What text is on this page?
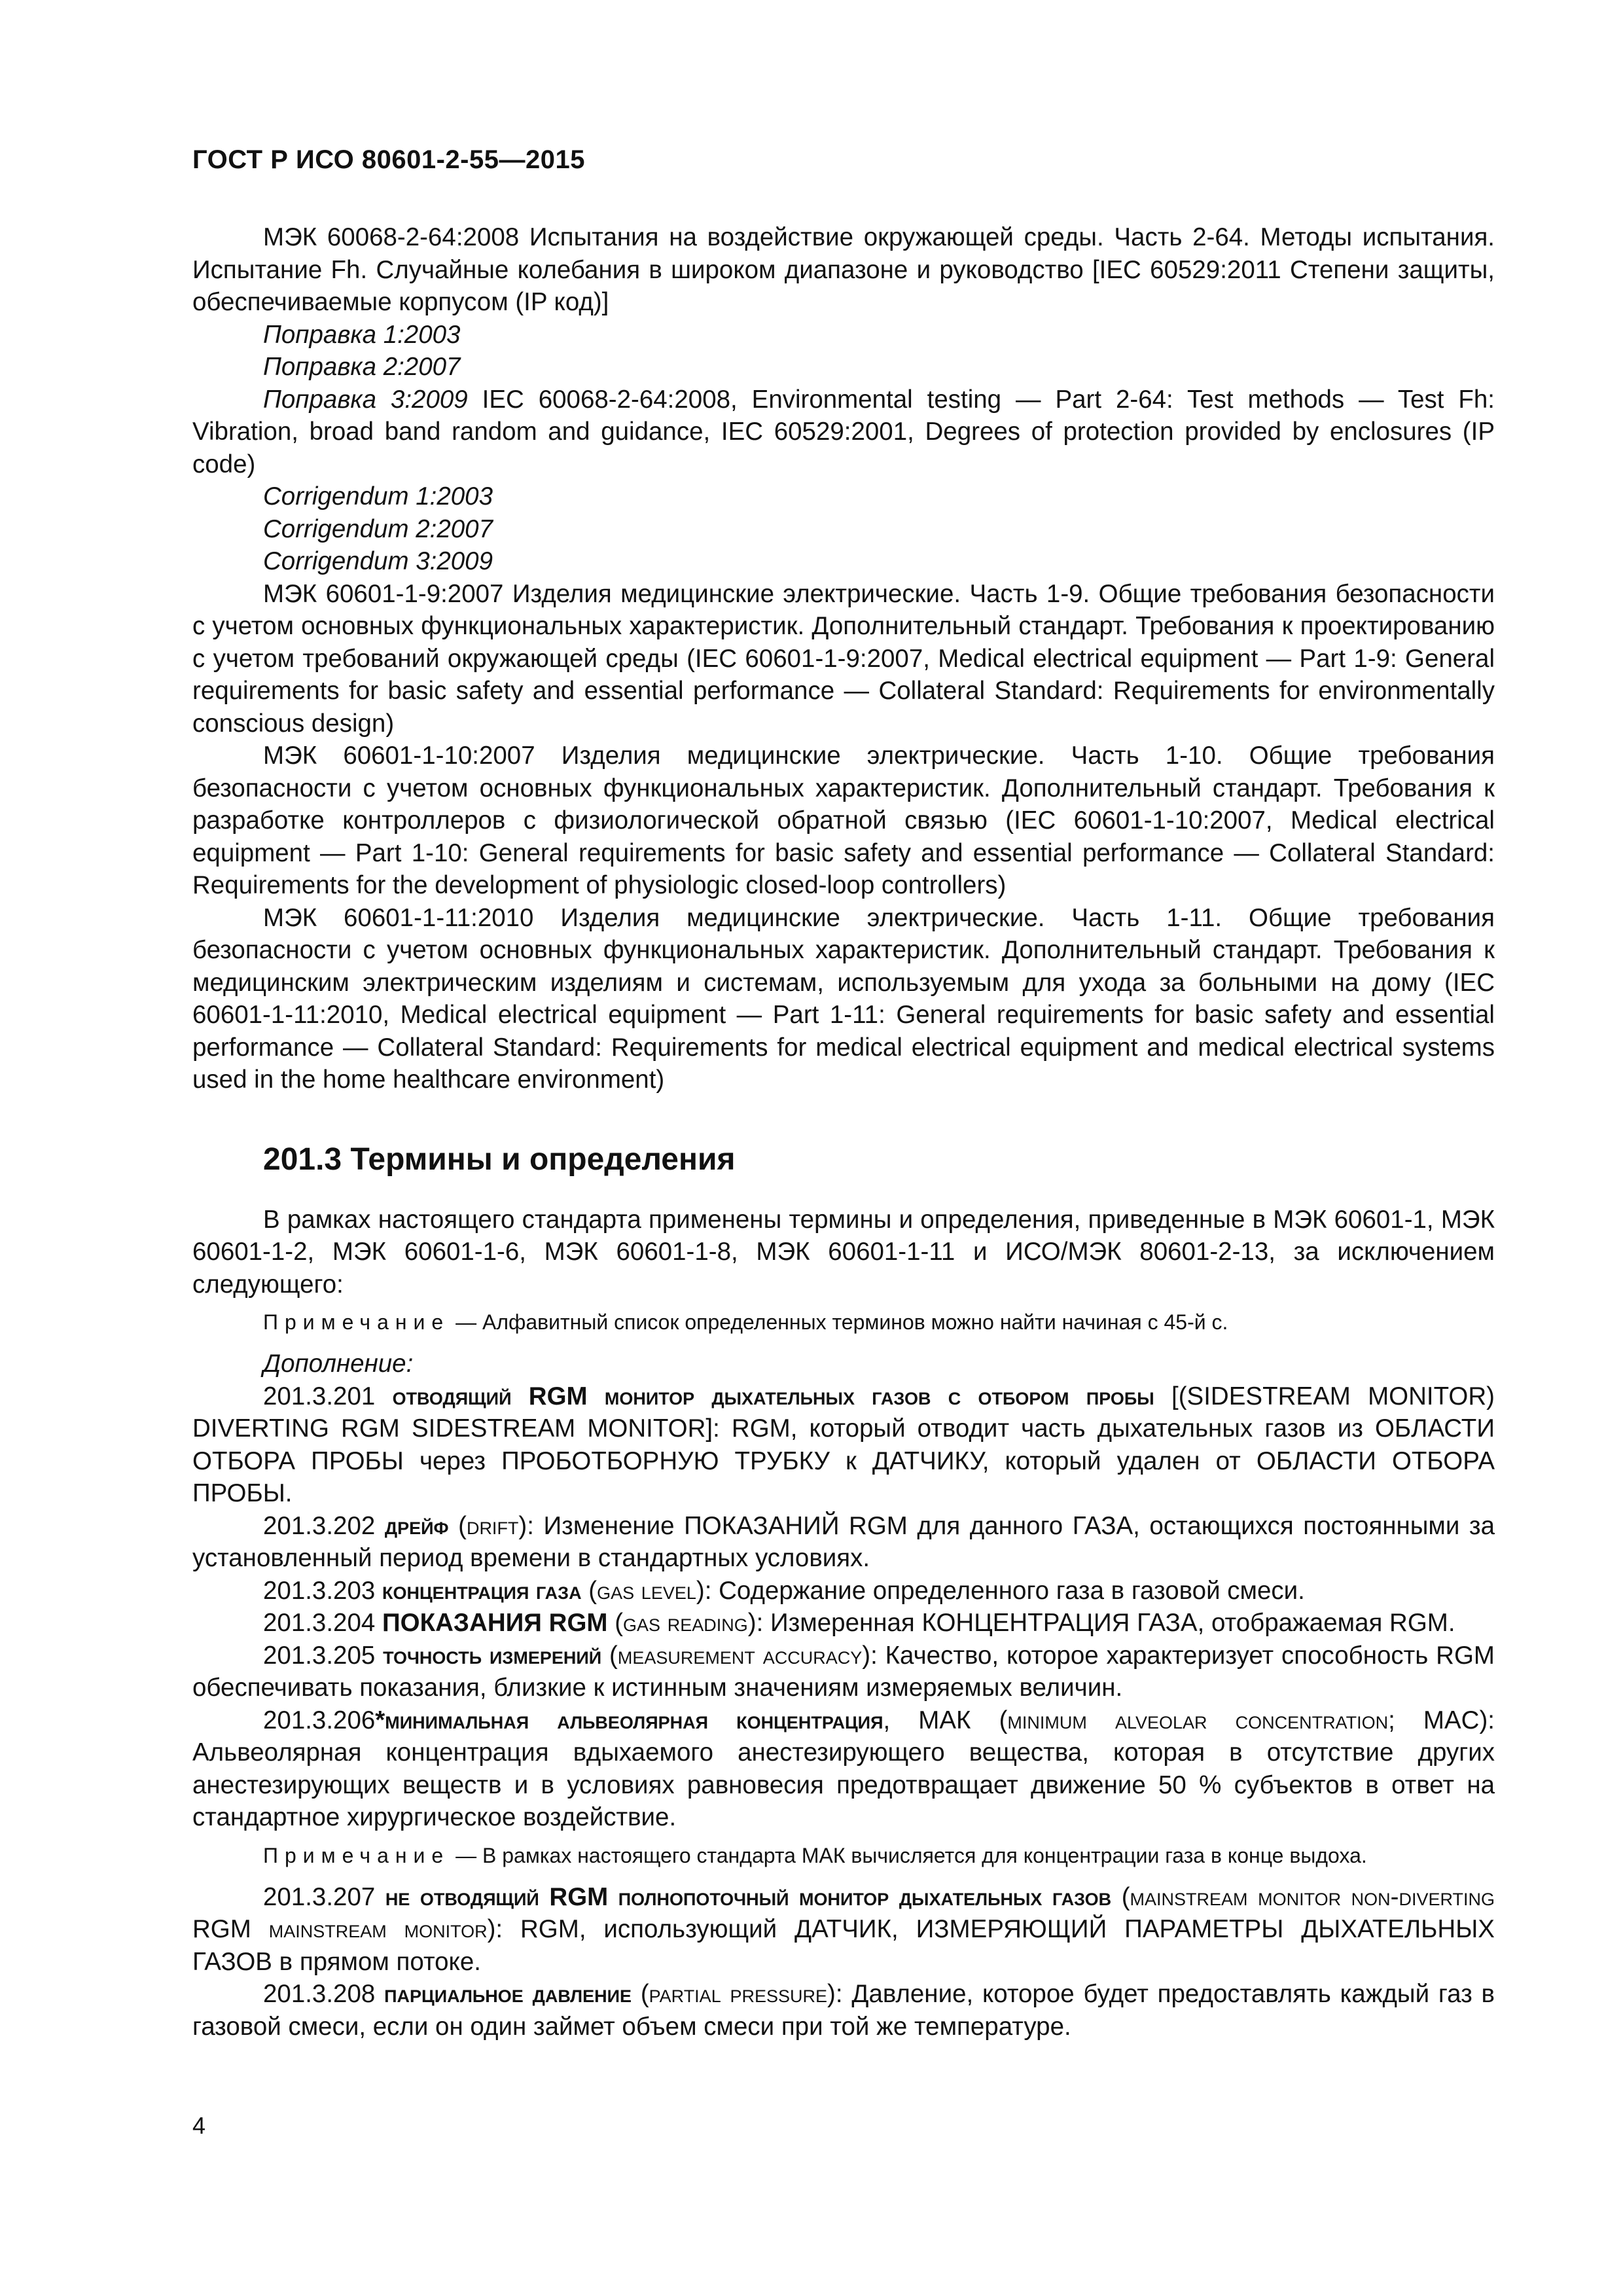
ГОСТ Р ИСО 80601-2-55—2015

МЭК 60068-2-64:2008 Испытания на воздействие окружающей среды. Часть 2-64. Методы испытания. Испытание Fh. Случайные колебания в широком диапазоне и руководство [IEC 60529:2011 Степени защиты, обеспечиваемые корпусом (IP код)]

Поправка 1:2003

Поправка 2:2007

Поправка 3:2009 IEC 60068-2-64:2008, Environmental testing — Part 2-64: Test methods — Test Fh: Vibration, broad band random and guidance, IEC 60529:2001, Degrees of protection provided by enclosures (IP code)

Corrigendum 1:2003

Corrigendum 2:2007

Corrigendum 3:2009

МЭК 60601-1-9:2007 Изделия медицинские электрические. Часть 1-9. Общие требования безопасности с учетом основных функциональных характеристик. Дополнительный стандарт. Требования к проектированию с учетом требований окружающей среды (IEC 60601-1-9:2007, Medical electrical equipment — Part 1-9: General requirements for basic safety and essential performance — Collateral Standard: Requirements for environmentally conscious design)

МЭК 60601-1-10:2007 Изделия медицинские электрические. Часть 1-10. Общие требования безопасности с учетом основных функциональных характеристик. Дополнительный стандарт. Требования к разработке контроллеров с физиологической обратной связью (IEC 60601-1-10:2007, Medical electrical equipment — Part 1-10: General requirements for basic safety and essential performance — Collateral Standard: Requirements for the development of physiologic closed-loop controllers)

МЭК 60601-1-11:2010 Изделия медицинские электрические. Часть 1-11. Общие требования безопасности с учетом основных функциональных характеристик. Дополнительный стандарт. Требования к медицинским электрическим изделиям и системам, используемым для ухода за больными на дому (IEC 60601-1-11:2010, Medical electrical equipment — Part 1-11: General requirements for basic safety and essential performance — Collateral Standard: Requirements for medical electrical equipment and medical electrical systems used in the home healthcare environment)

201.3 Термины и определения

В рамках настоящего стандарта применены термины и определения, приведенные в МЭК 60601-1, МЭК 60601-1-2, МЭК 60601-1-6, МЭК 60601-1-8, МЭК 60601-1-11 и ИСО/МЭК 80601-2-13, за исключением следующего:

Примечание — Алфавитный список определенных терминов можно найти начиная с 45-й с.

Дополнение:

201.3.201 отводящий RGM монитор дыхательных газов с отбором пробы [(SIDESTREAM MONITOR) DIVERTING RGM SIDESTREAM MONITOR]: RGM, который отводит часть дыхательных газов из ОБЛАСТИ ОТБОРА ПРОБЫ через ПРОБОТБОРНУЮ ТРУБКУ к ДАТЧИКУ, который удален от ОБЛАСТИ ОТБОРА ПРОБЫ.

201.3.202 дрейф (drift): Изменение ПОКАЗАНИЙ RGM для данного ГАЗА, остающихся постоянными за установленный период времени в стандартных условиях.

201.3.203 концентрация газа (gas level): Содержание определенного газа в газовой смеси.

201.3.204 ПОКАЗАНИЯ RGM (gas reading): Измеренная КОНЦЕНТРАЦИЯ ГАЗА, отображаемая RGM.

201.3.205 точность измерений (measurement accuracy): Качество, которое характеризует способность RGM обеспечивать показания, близкие к истинным значениям измеряемых величин.

201.3.206*минимальная альвеолярная концентрация, МАК (minimum alveolar concentration; MAC): Альвеолярная концентрация вдыхаемого анестезирующего вещества, которая в отсутствие других анестезирующих веществ и в условиях равновесия предотвращает движение 50 % субъектов в ответ на стандартное хирургическое воздействие.

Примечание — В рамках настоящего стандарта МАК вычисляется для концентрации газа в конце выдоха.

201.3.207 не отводящий RGM полнопоточный монитор дыхательных газов (mainstream monitor non-diverting RGM mainstream monitor): RGM, использующий ДАТЧИК, ИЗМЕРЯЮЩИЙ ПАРАМЕТРЫ ДЫХАТЕЛЬНЫХ ГАЗОВ в прямом потоке.

201.3.208 парциальное давление (partial pressure): Давление, которое будет предоставлять каждый газ в газовой смеси, если он один займет объем смеси при той же температуре.

4
